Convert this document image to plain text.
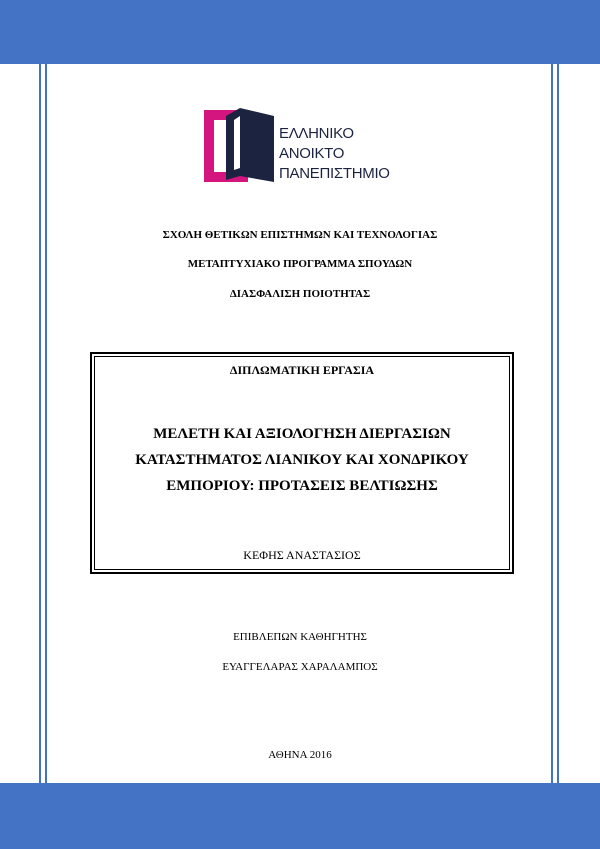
ΕΛΛΗΝΙΚΟ
ΑΝΟΙΚΤΟ
ΠΑΝΕΠΙΣΤΗΜΙΟ
ΣΧΟΛΗ ΘΕΤΙΚΩΝ ΕΠΙΣΤΗΜΩΝ ΚΑΙ ΤΕΧΝΟΛΟΓΙΑΣ
ΜΕΤΑΠΤΥΧΙΑΚΟ ΠΡΟΓΡΑΜΜΑ ΣΠΟΥΔΩΝ
ΔΙΑΣΦΑΛΙΣΗ ΠΟΙΟΤΗΤΑΣ
ΔΙΠΛΩΜΑΤΙΚΗ ΕΡΓΑΣΙΑ
ΜΕΛΕΤΗ ΚΑΙ ΑΞΙΟΛΟΓΗΣΗ ΔΙΕΡΓΑΣΙΩΝ
ΚΑΤΑΣΤΗΜΑΤΟΣ ΛΙΑΝΙΚΟΥ ΚΑΙ ΧΟΝΔΡΙΚΟΥ
ΕΜΠΟΡΙΟΥ: ΠΡΟΤΑΣΕΙΣ ΒΕΛΤΙΩΣΗΣ
ΚΕΦΗΣ ΑΝΑΣΤΑΣΙΟΣ
ΕΠΙΒΛΕΠΩΝ ΚΑΘΗΓΗΤΗΣ
ΕΥΑΓΓΕΛΑΡΑΣ ΧΑΡΑΛΑΜΠΟΣ
ΑΘΗΝΑ 2016
